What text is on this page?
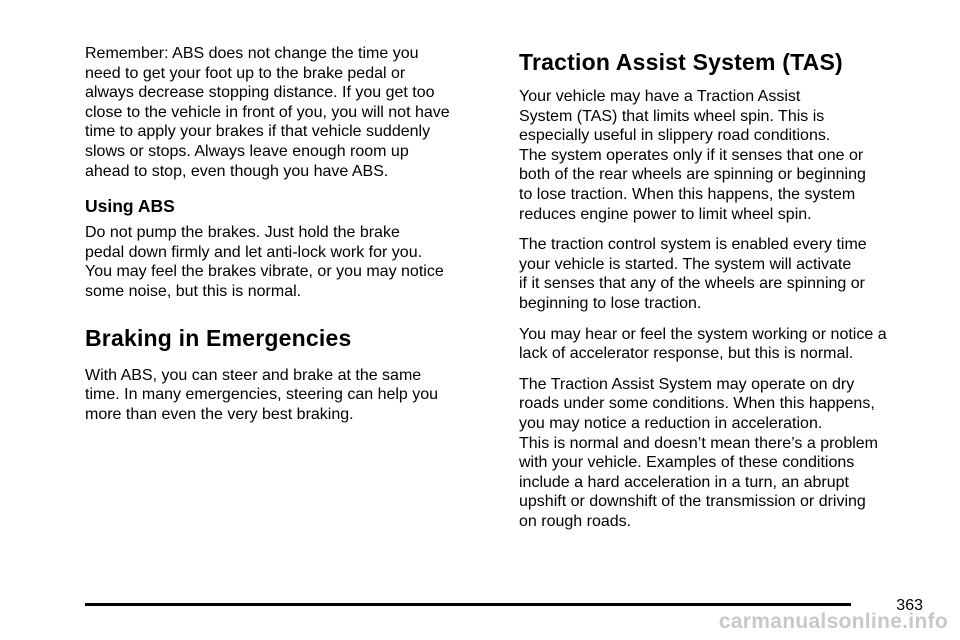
Remember: ABS does not change the time you
need to get your foot up to the brake pedal or
always decrease stopping distance. If you get too
close to the vehicle in front of you, you will not have
time to apply your brakes if that vehicle suddenly
slows or stops. Always leave enough room up
ahead to stop, even though you have ABS.

Using ABS

Do not pump the brakes. Just hold the brake
pedal down firmly and let anti-lock work for you.
You may feel the brakes vibrate, or you may notice
some noise, but this is normal.

Braking in Emergencies

With ABS, you can steer and brake at the same
time. In many emergencies, steering can help you
more than even the very best braking.

Traction Assist System (TAS)

Your vehicle may have a Traction Assist
System (TAS) that limits wheel spin. This is
especially useful in slippery road conditions.
The system operates only if it senses that one or
both of the rear wheels are spinning or beginning
to lose traction. When this happens, the system
reduces engine power to limit wheel spin.

The traction control system is enabled every time
your vehicle is started. The system will activate
if it senses that any of the wheels are spinning or
beginning to lose traction.

You may hear or feel the system working or notice a
lack of accelerator response, but this is normal.

The Traction Assist System may operate on dry
roads under some conditions. When this happens,
you may notice a reduction in acceleration.
This is normal and doesn’t mean there’s a problem
with your vehicle. Examples of these conditions
include a hard acceleration in a turn, an abrupt
upshift or downshift of the transmission or driving
on rough roads.

363
carmanualsonline.info
